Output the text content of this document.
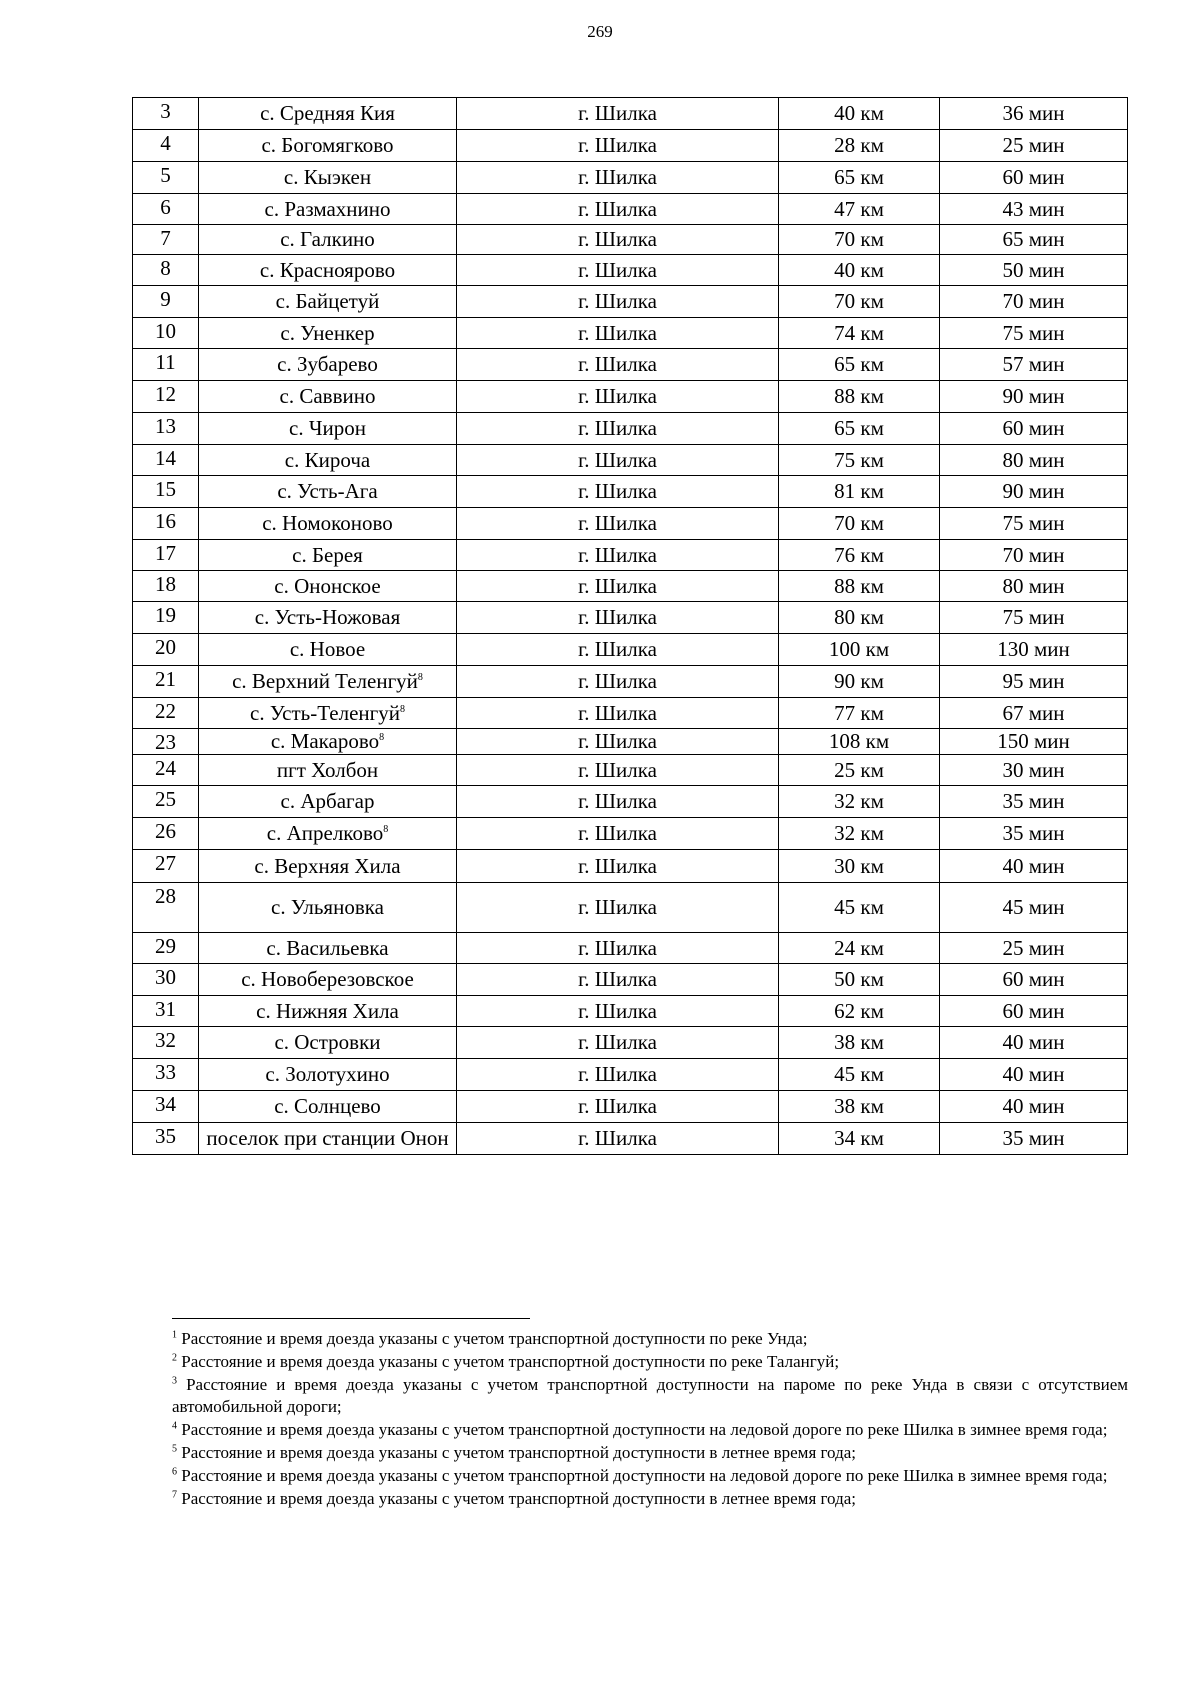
269
3	с. Средняя Кия	г. Шилка	40 км	36 мин
4	с. Богомягково	г. Шилка	28 км	25 мин
5	с. Кыэкен	г. Шилка	65 км	60 мин
6	с. Размахнино	г. Шилка	47 км	43 мин
7	с. Галкино	г. Шилка	70 км	65 мин
8	с. Красноярово	г. Шилка	40 км	50 мин
9	с. Байцетуй	г. Шилка	70 км	70 мин
10	с. Уненкер	г. Шилка	74 км	75 мин
11	с. Зубарево	г. Шилка	65 км	57 мин
12	с. Саввино	г. Шилка	88 км	90 мин
13	с. Чирон	г. Шилка	65 км	60 мин
14	с. Кироча	г. Шилка	75 км	80 мин
15	с. Усть-Ага	г. Шилка	81 км	90 мин
16	с. Номоконово	г. Шилка	70 км	75 мин
17	с. Берея	г. Шилка	76 км	70 мин
18	с. Ононское	г. Шилка	88 км	80 мин
19	с. Усть-Ножовая	г. Шилка	80 км	75 мин
20	с. Новое	г. Шилка	100 км	130 мин
21	с. Верхний Теленгуй$^8$	г. Шилка	90 км	95 мин
22	с. Усть-Теленгуй$^8$	г. Шилка	77 км	67 мин
23	с. Макарово$^8$	г. Шилка	108 км	150 мин
24	пгт Холбон	г. Шилка	25 км	30 мин
25	с. Арбагар	г. Шилка	32 км	35 мин
26	с. Апрелково$^8$	г. Шилка	32 км	35 мин
27	с. Верхняя Хила	г. Шилка	30 км	40 мин
28	с. Ульяновка	г. Шилка	45 км	45 мин
29	с. Васильевка	г. Шилка	24 км	25 мин
30	с. Новоберезовское	г. Шилка	50 км	60 мин
31	с. Нижняя Хила	г. Шилка	62 км	60 мин
32	с. Островки	г. Шилка	38 км	40 мин
33	с. Золотухино	г. Шилка	45 км	40 мин
34	с. Солнцево	г. Шилка	38 км	40 мин
35	поселок при станции Онон	г. Шилка	34 км	35 мин
$^1$ Расстояние и время доезда указаны с учетом транспортной доступности по реке Унда;
$^2$ Расстояние и время доезда указаны с учетом транспортной доступности по реке Талангуй;
$^3$ Расстояние и время доезда указаны с учетом транспортной доступности на пароме по реке Унда в связи с отсутствием автомобильной дороги;
$^4$ Расстояние и время доезда указаны с учетом транспортной доступности на ледовой дороге по реке Шилка в зимнее время года;
$^5$ Расстояние и время доезда указаны с учетом транспортной доступности в летнее время года;
$^6$ Расстояние и время доезда указаны с учетом транспортной доступности на ледовой дороге по реке Шилка в зимнее время года;
$^7$ Расстояние и время доезда указаны с учетом транспортной доступности в летнее время года;
